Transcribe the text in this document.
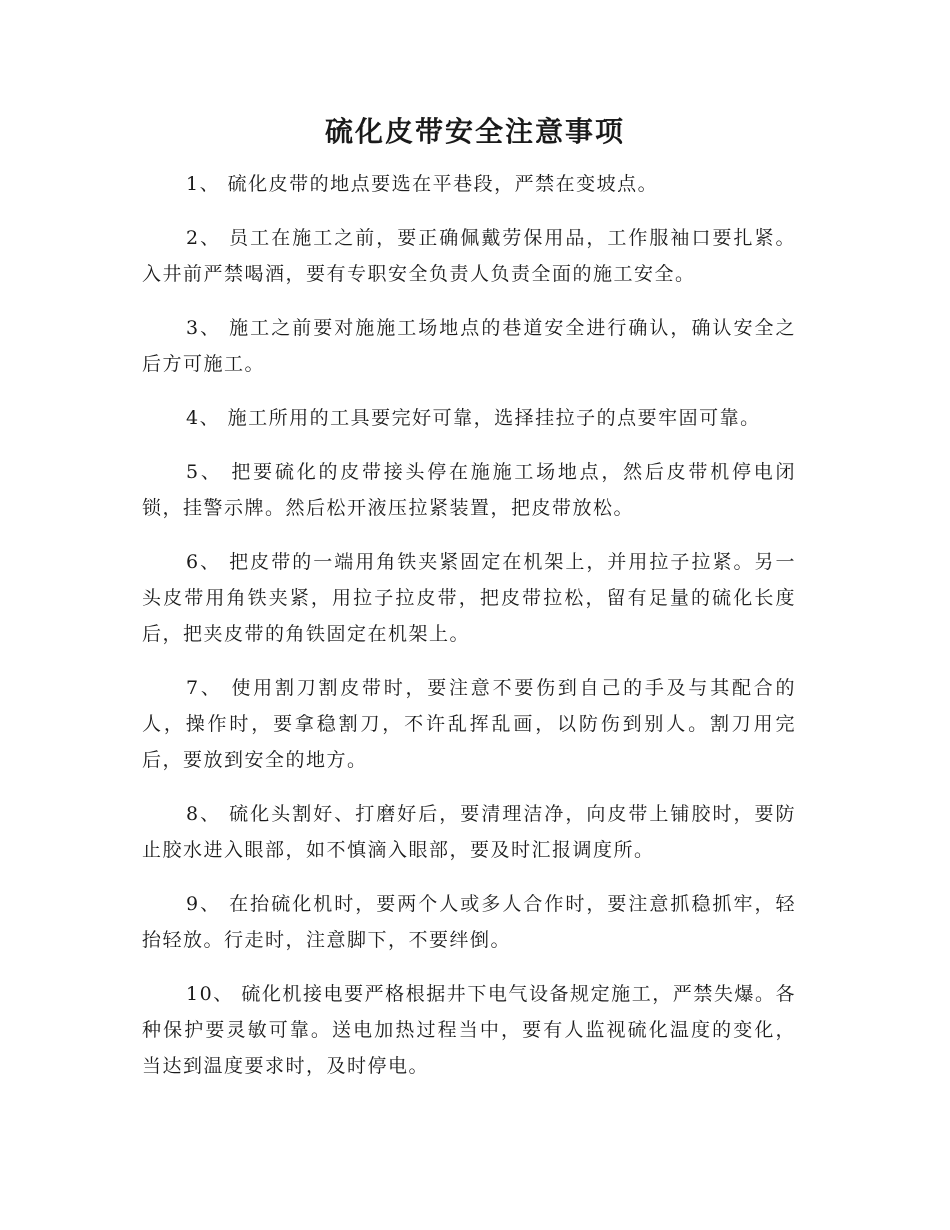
硫化皮带安全注意事项

1、 硫化皮带的地点要选在平巷段，严禁在变坡点。

2、 员工在施工之前，要正确佩戴劳保用品，工作服袖口要扎紧。入井前严禁喝酒，要有专职安全负责人负责全面的施工安全。

3、 施工之前要对施施工场地点的巷道安全进行确认，确认安全之后方可施工。

4、 施工所用的工具要完好可靠，选择挂拉子的点要牢固可靠。

5、 把要硫化的皮带接头停在施施工场地点，然后皮带机停电闭锁，挂警示牌。然后松开液压拉紧装置，把皮带放松。

6、 把皮带的一端用角铁夹紧固定在机架上，并用拉子拉紧。另一头皮带用角铁夹紧，用拉子拉皮带，把皮带拉松，留有足量的硫化长度后，把夹皮带的角铁固定在机架上。

7、 使用割刀割皮带时，要注意不要伤到自己的手及与其配合的人，操作时，要拿稳割刀，不许乱挥乱画，以防伤到别人。割刀用完后，要放到安全的地方。

8、 硫化头割好、打磨好后，要清理洁净，向皮带上铺胶时，要防止胶水进入眼部，如不慎滴入眼部，要及时汇报调度所。

9、 在抬硫化机时，要两个人或多人合作时，要注意抓稳抓牢，轻抬轻放。行走时，注意脚下，不要绊倒。

10、 硫化机接电要严格根据井下电气设备规定施工，严禁失爆。各种保护要灵敏可靠。送电加热过程当中，要有人监视硫化温度的变化，当达到温度要求时，及时停电。
